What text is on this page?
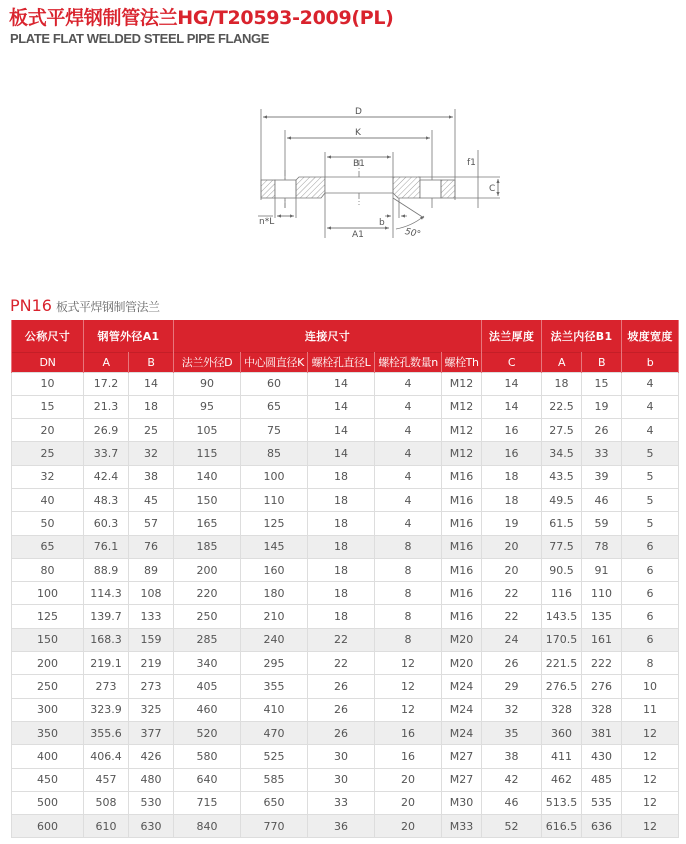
板式平焊钢制管法兰HG/T20593-2009(PL)
PLATE FLAT WELDED STEEL PIPE FLANGE
D
K
B1	f1
C
n*L	b
A1	50°
PN16 板式平焊钢制管法兰
公称尺寸	钢管外径A1		连接尺寸					法兰厚度	法兰内径B1		坡度宽度
DN	A	B	法兰外径D	中心圆直径K	螺栓孔直径L	螺栓孔数量n	螺栓Th	C	A	B	b
10	17.2	14	90	60	14	4	M12	14	18	15	4
15	21.3	18	95	65	14	4	M12	14	22.5	19	4
20	26.9	25	105	75	14	4	M12	16	27.5	26	4
25	33.7	32	115	85	14	4	M12	16	34.5	33	5
32	42.4	38	140	100	18	4	M16	18	43.5	39	5
40	48.3	45	150	110	18	4	M16	18	49.5	46	5
50	60.3	57	165	125	18	4	M16	19	61.5	59	5
65	76.1	76	185	145	18	8	M16	20	77.5	78	6
80	88.9	89	200	160	18	8	M16	20	90.5	91	6
100	114.3	108	220	180	18	8	M16	22	116	110	6
125	139.7	133	250	210	18	8	M16	22	143.5	135	6
150	168.3	159	285	240	22	8	M20	24	170.5	161	6
200	219.1	219	340	295	22	12	M20	26	221.5	222	8
250	273	273	405	355	26	12	M24	29	276.5	276	10
300	323.9	325	460	410	26	12	M24	32	328	328	11
350	355.6	377	520	470	26	16	M24	35	360	381	12
400	406.4	426	580	525	30	16	M27	38	411	430	12
450	457	480	640	585	30	20	M27	42	462	485	12
500	508	530	715	650	33	20	M30	46	513.5	535	12
600	610	630	840	770	36	20	M33	52	616.5	636	12
